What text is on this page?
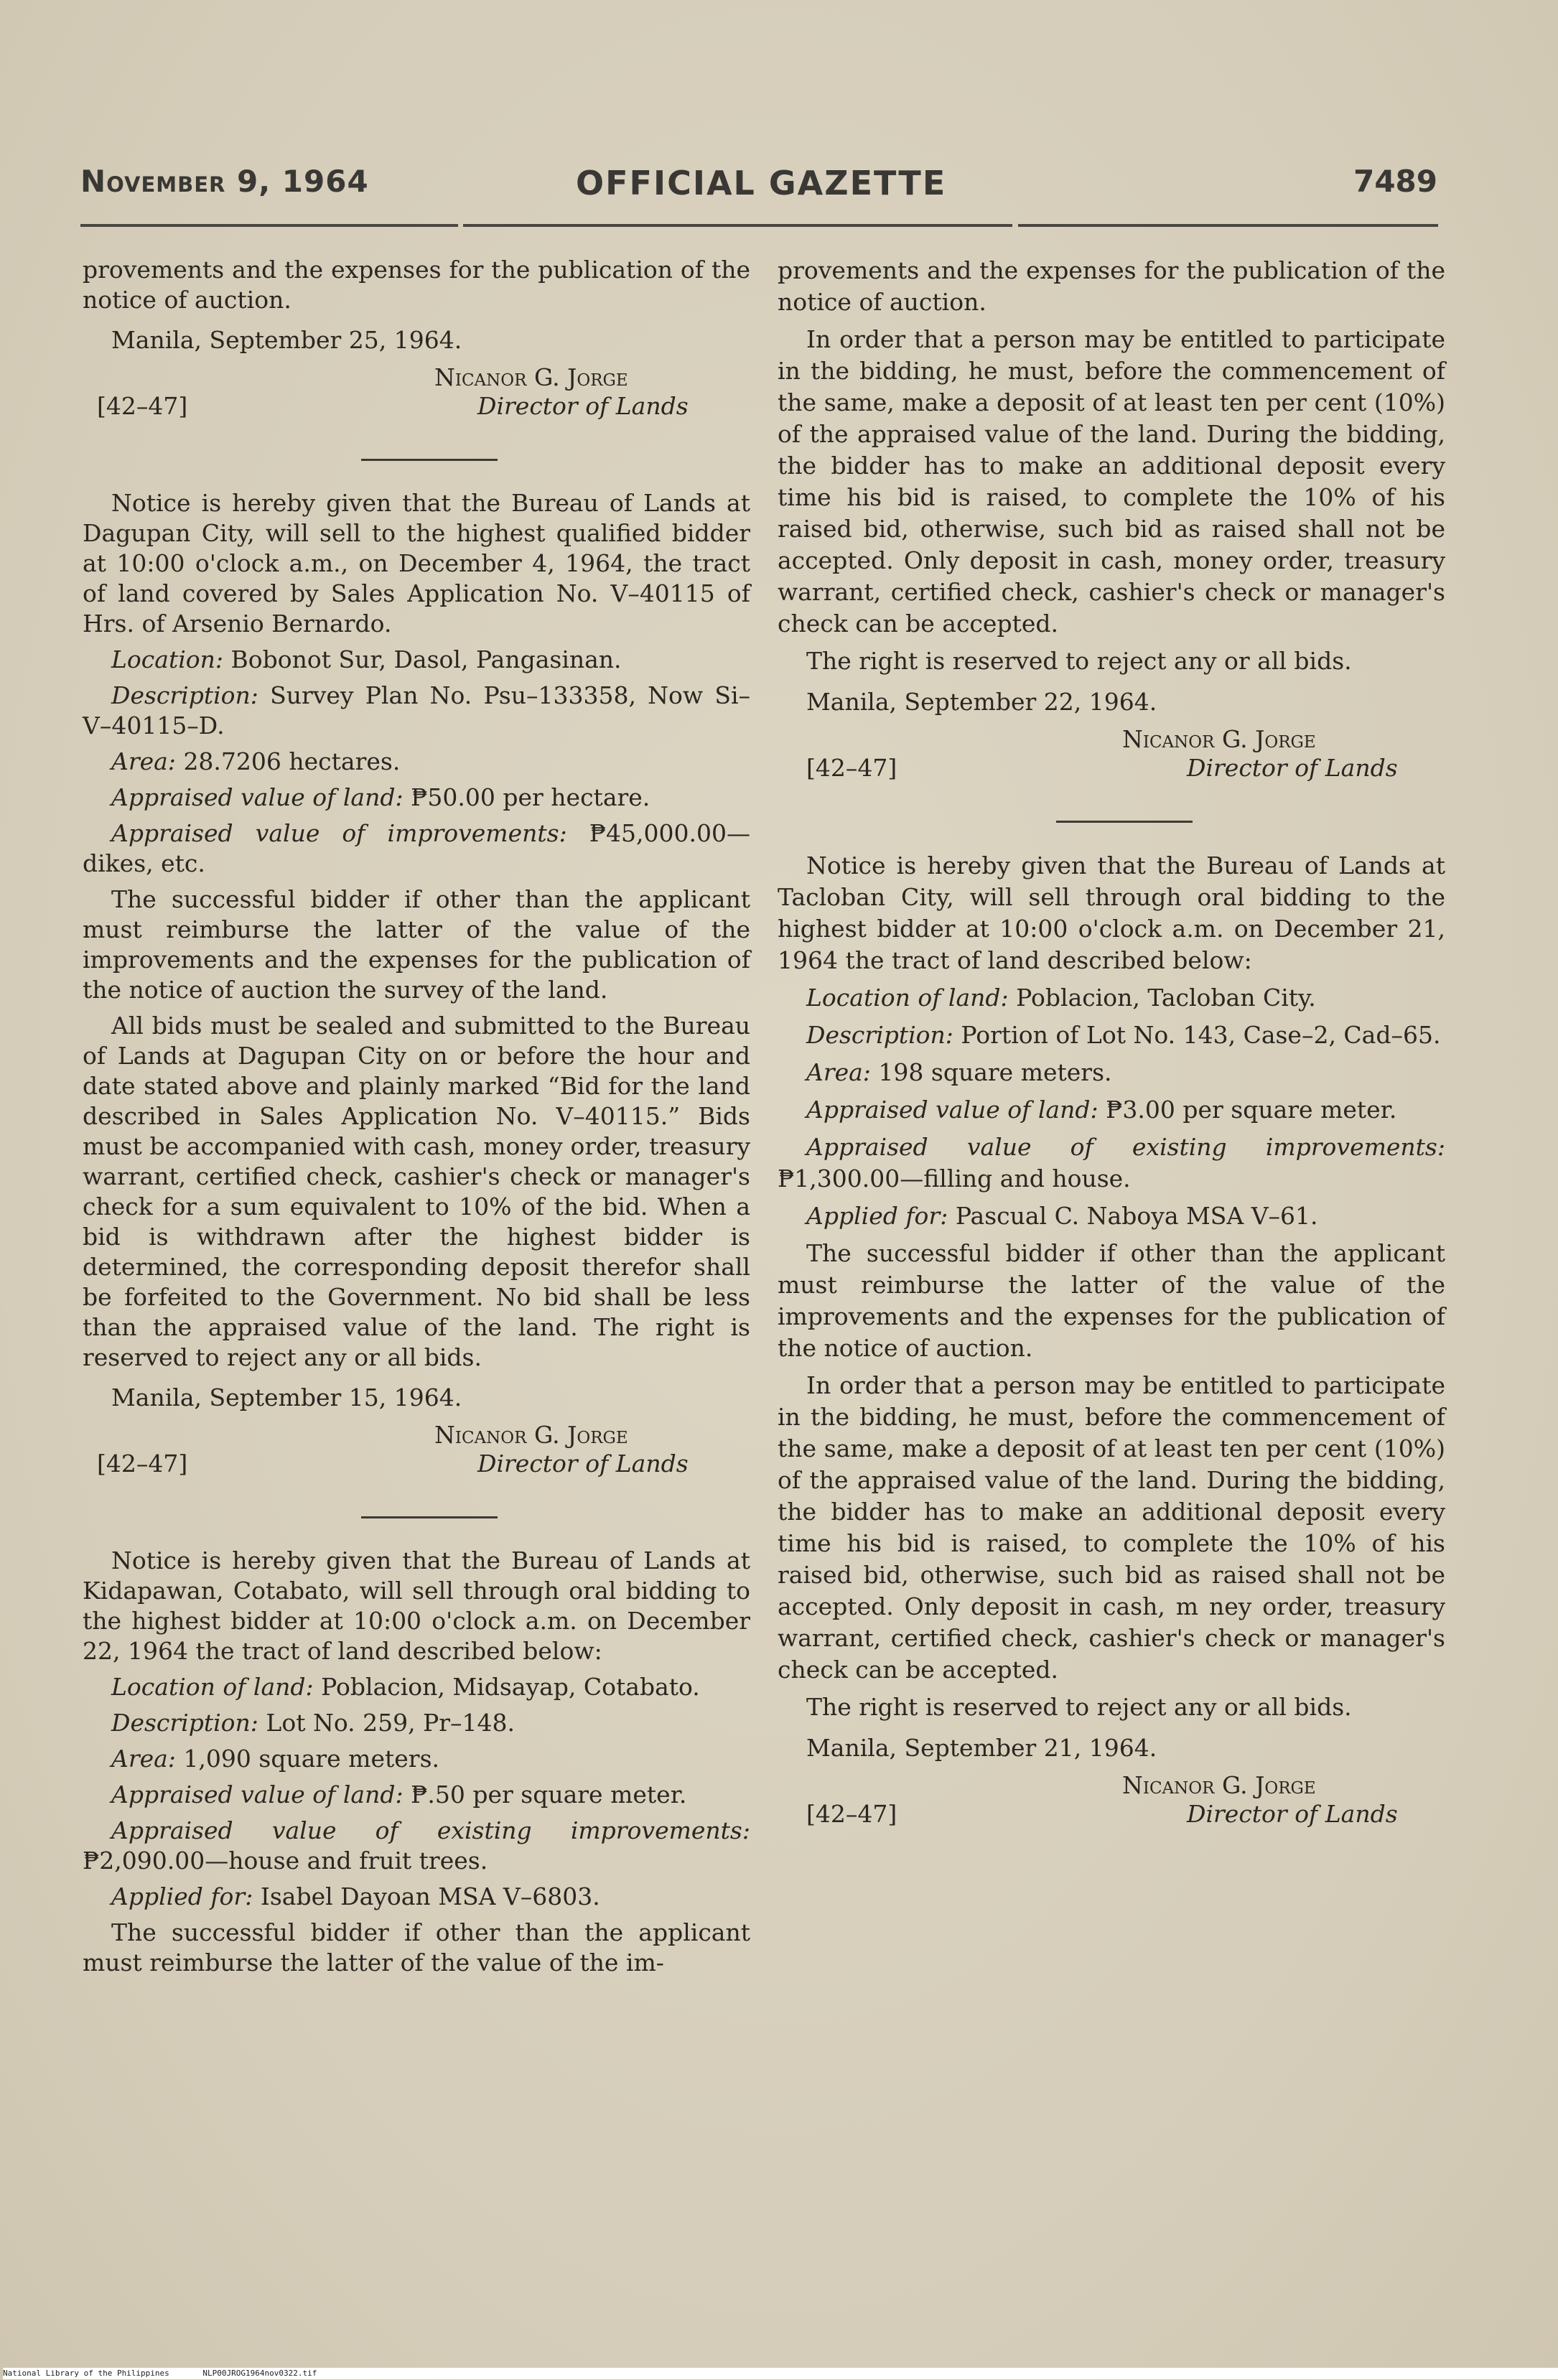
November 9, 1964	OFFICIAL GAZETTE	7489
provements and the expenses for the publication of the notice of auction.
Manila, September 25, 1964.
Nicanor G. Jorge
[42–47]	Director of Lands
Notice is hereby given that the Bureau of Lands at Dagupan City, will sell to the highest qualified bidder at 10:00 o'clock a.m., on December 4, 1964, the tract of land covered by Sales Application No. V–40115 of Hrs. of Arsenio Bernardo.
Location: Bobonot Sur, Dasol, Pangasinan.
Description: Survey Plan No. Psu–133358, Now Si–V–40115–D.
Area: 28.7206 hectares.
Appraised value of land: ₱50.00 per hectare.
Appraised value of improvements: ₱45,000.00—dikes, etc.
The successful bidder if other than the applicant must reimburse the latter of the value of the improvements and the expenses for the publication of the notice of auction the survey of the land.
All bids must be sealed and submitted to the Bureau of Lands at Dagupan City on or before the hour and date stated above and plainly marked “Bid for the land described in Sales Application No. V–40115.” Bids must be accompanied with cash, money order, treasury warrant, certified check, cashier's check or manager's check for a sum equivalent to 10% of the bid. When a bid is withdrawn after the highest bidder is determined, the corresponding deposit therefor shall be forfeited to the Government. No bid shall be less than the appraised value of the land. The right is reserved to reject any or all bids.
Manila, September 15, 1964.
Nicanor G. Jorge
[42–47]	Director of Lands
Notice is hereby given that the Bureau of Lands at Kidapawan, Cotabato, will sell through oral bidding to the highest bidder at 10:00 o'clock a.m. on December 22, 1964 the tract of land described below:
Location of land: Poblacion, Midsayap, Cotabato.
Description: Lot No. 259, Pr–148.
Area: 1,090 square meters.
Appraised value of land: ₱.50 per square meter.
Appraised value of existing improvements: ₱2,090.00—house and fruit trees.
Applied for: Isabel Dayoan MSA V–6803.
The successful bidder if other than the applicant must reimburse the latter of the value of the im-
provements and the expenses for the publication of the notice of auction.
In order that a person may be entitled to participate in the bidding, he must, before the commencement of the same, make a deposit of at least ten per cent (10%) of the appraised value of the land. During the bidding, the bidder has to make an additional deposit every time his bid is raised, to complete the 10% of his raised bid, otherwise, such bid as raised shall not be accepted. Only deposit in cash, money order, treasury warrant, certified check, cashier's check or manager's check can be accepted.
The right is reserved to reject any or all bids.
Manila, September 22, 1964.
Nicanor G. Jorge
[42–47]	Director of Lands
Notice is hereby given that the Bureau of Lands at Tacloban City, will sell through oral bidding to the highest bidder at 10:00 o'clock a.m. on December 21, 1964 the tract of land described below:
Location of land: Poblacion, Tacloban City.
Description: Portion of Lot No. 143, Case–2, Cad–65.
Area: 198 square meters.
Appraised value of land: ₱3.00 per square meter.
Appraised value of existing improvements: ₱1,300.00—filling and house.
Applied for: Pascual C. Naboya MSA V–61.
The successful bidder if other than the applicant must reimburse the latter of the value of the improvements and the expenses for the publication of the notice of auction.
In order that a person may be entitled to participate in the bidding, he must, before the commencement of the same, make a deposit of at least ten per cent (10%) of the appraised value of the land. During the bidding, the bidder has to make an additional deposit every time his bid is raised, to complete the 10% of his raised bid, otherwise, such bid as raised shall not be accepted. Only deposit in cash, m ney order, treasury warrant, certified check, cashier's check or manager's check can be accepted.
The right is reserved to reject any or all bids.
Manila, September 21, 1964.
Nicanor G. Jorge
[42–47]	Director of Lands
National Library of the Philippines	NLP00JROG1964nov0322.tif
